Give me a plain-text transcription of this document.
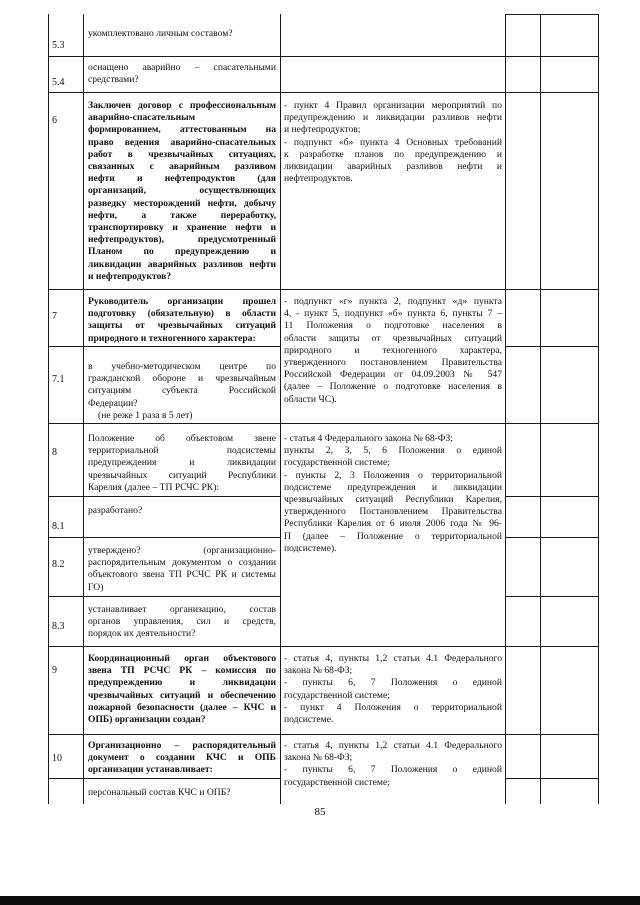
5.3
укомплектовано личным составом?
5.4
оснащено аварийно – спасательными
средствами?
6
Заключен договор с профессиональным
аварийно-спасательным
формированием, аттестованным на
право ведения аварийно-спасательных
работ в чрезвычайных ситуациях,
связанных с аварийным разливом
нефти и нефтепродуктов (для
организаций, осуществляющих
разведку месторождений нефти, добычу
нефти, а также переработку,
транспортировку и хранение нефти и
нефтепродуктов), предусмотренный
Планом по предупреждению и
ликвидации аварийных разливов нефти
и нефтепродуктов?
- пункт 4 Правил организации мероприятий по
предупреждению и ликвидации разливов нефти
и нефтепродуктов;
- подпункт «б» пункта 4 Основных требований
к разработке планов по предупреждению и
ликвидации аварийных разливов нефти и
нефтепродуктов.
7
Руководитель организации прошел
подготовку (обязательную) в области
защиты от чрезвычайных ситуаций
природного и техногенного характера:
- подпункт «г» пункта 2, подпункт «д» пункта
4, - пункт 5, подпункт «б» пункта 6, пункты 7 –
11 Положения о подготовке населения в
области защиты от чрезвычайных ситуаций
природного и техногенного характера,
утвержденного постановлением Правительства
Российской Федерации от 04.09.2003 № 547
(далее – Положение о подготовке населения в
области ЧС).
7.1
в учебно-методическом центре по
гражданской обороне и чрезвычайным
ситуациям субъекта Российской
Федерации?
(не реже 1 раза в 5 лет)
8
Положение об объектовом звене
территориальной подсистемы
предупреждения и ликвидации
чрезвычайных ситуаций Республики
Карелия (далее – ТП РСЧС РК):
- статья 4 Федерального закона № 68-ФЗ;
пункты 2, 3, 5, 6 Положения о единой
государственной системе;
- пункты 2, 3 Положения о территориальной
подсистеме предупреждения и ликвидации
чрезвычайных ситуаций Республики Карелия,
утвержденного Постановлением Правительства
Республики Карелия от 6 июля 2006 года № 96-
П (далее – Положение о территориальной
подсистеме).
8.1
разработано?
8.2
утверждено? (организационно-
распорядительным документом о создании
объектового звена ТП РСЧС РК и системы
ГО)
8.3
устанавливает организацию, состав
органов управления, сил и средств,
порядок их деятельности?
9
Координационный орган объектового
звена ТП РСЧС РК – комиссия по
предупреждению и ликвидации
чрезвычайных ситуаций и обеспечению
пожарной безопасности (далее – КЧС и
ОПБ) организации создан?
- статья 4, пункты 1,2 статьи 4.1 Федерального
закона № 68-ФЗ;
- пункты 6, 7 Положения о единой
государственной системе;
- пункт 4 Положения о территориальной
подсистеме.
10
Организационно – распорядительный
документ о создании КЧС и ОПБ
организации устанавливает:
- статья 4, пункты 1,2 статьи 4.1 Федерального
закона № 68-ФЗ;
- пункты 6, 7 Положения о единой
государственной системе;
персональный состав КЧС и ОПБ?
85
